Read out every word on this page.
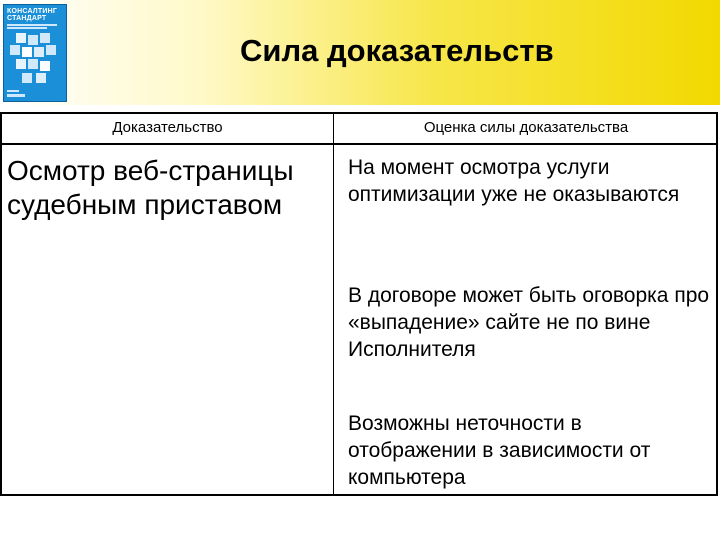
КОНСАЛТИНГ СТАНДАРТ
Сила доказательств
Доказательство	Оценка силы доказательства
Осмотр веб-страницы судебным приставом
На момент осмотра услуги оптимизации уже не оказываются
В договоре может быть оговорка про «выпадение» сайте не по вине Исполнителя
Возможны неточности в отображении в зависимости от компьютера
